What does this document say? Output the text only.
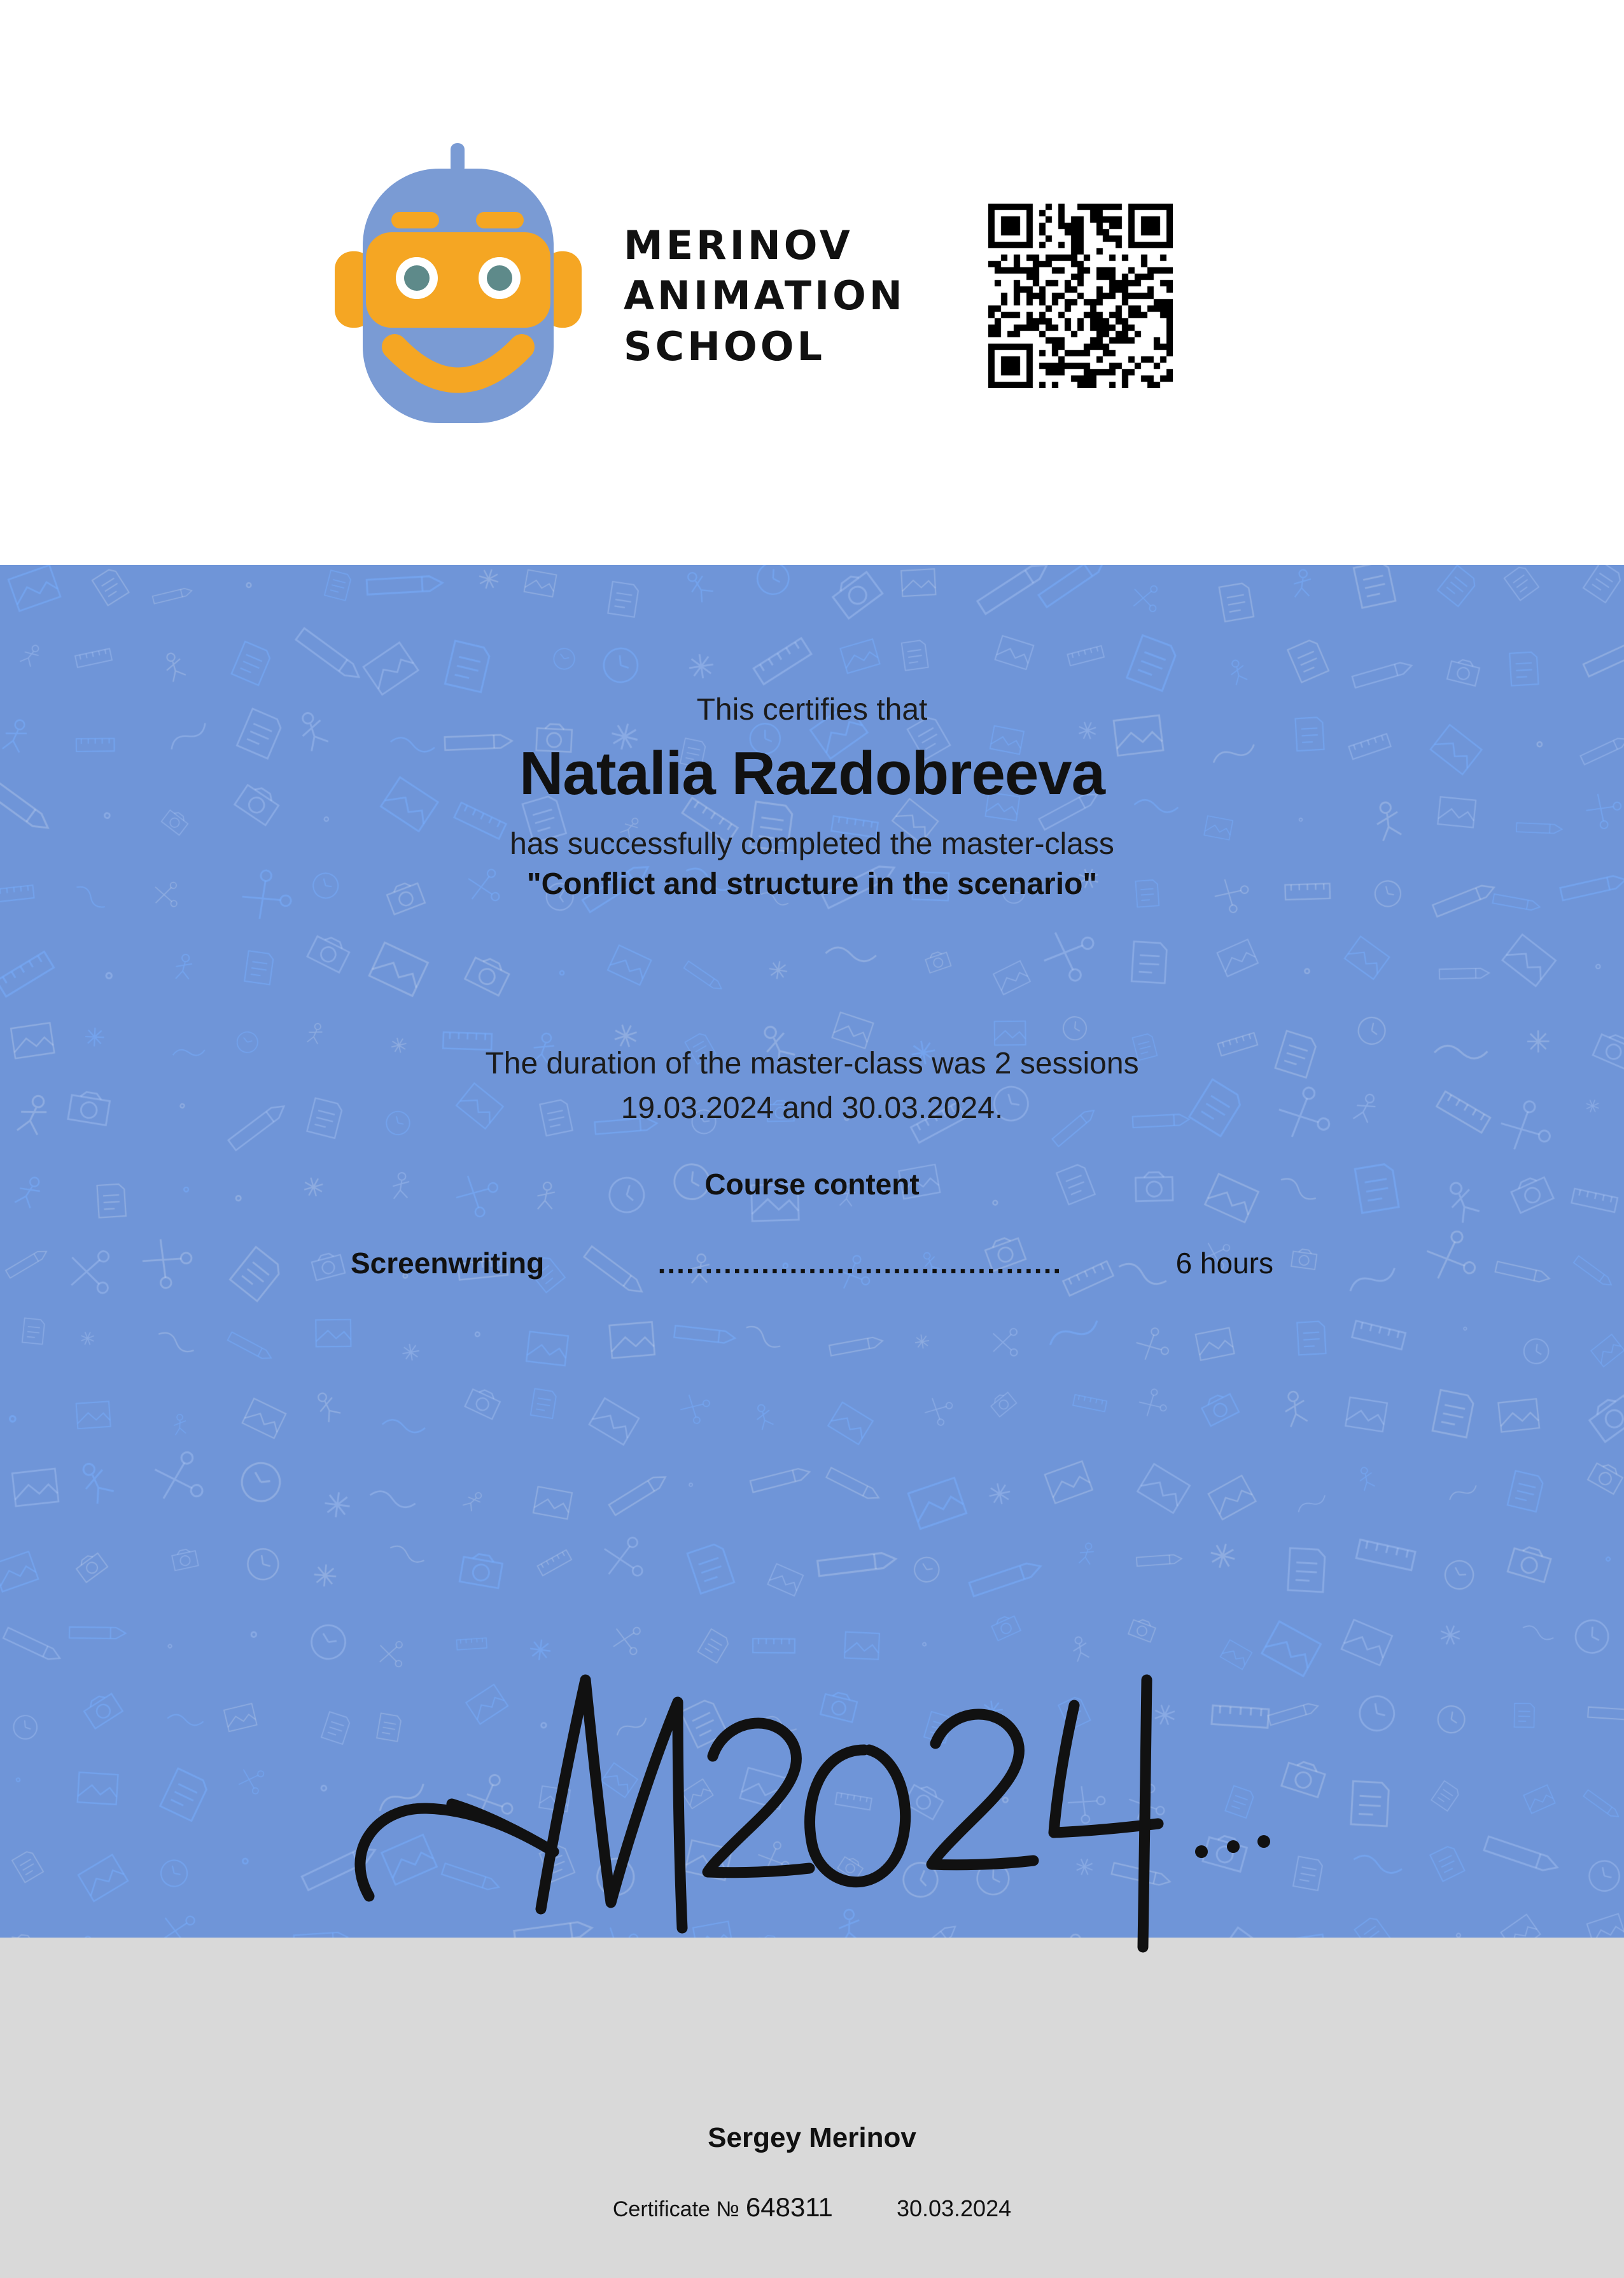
MERINOV
ANIMATION
SCHOOL
This certifies that
Natalia Razdobreeva
has successfully completed the master-class
"Conflict and structure in the scenario"
The duration of the master-class was 2 sessions
19.03.2024 and 30.03.2024.
Course content
Screenwriting	...........................................	6 hours
Sergey Merinov
Certificate № 648311	30.03.2024
